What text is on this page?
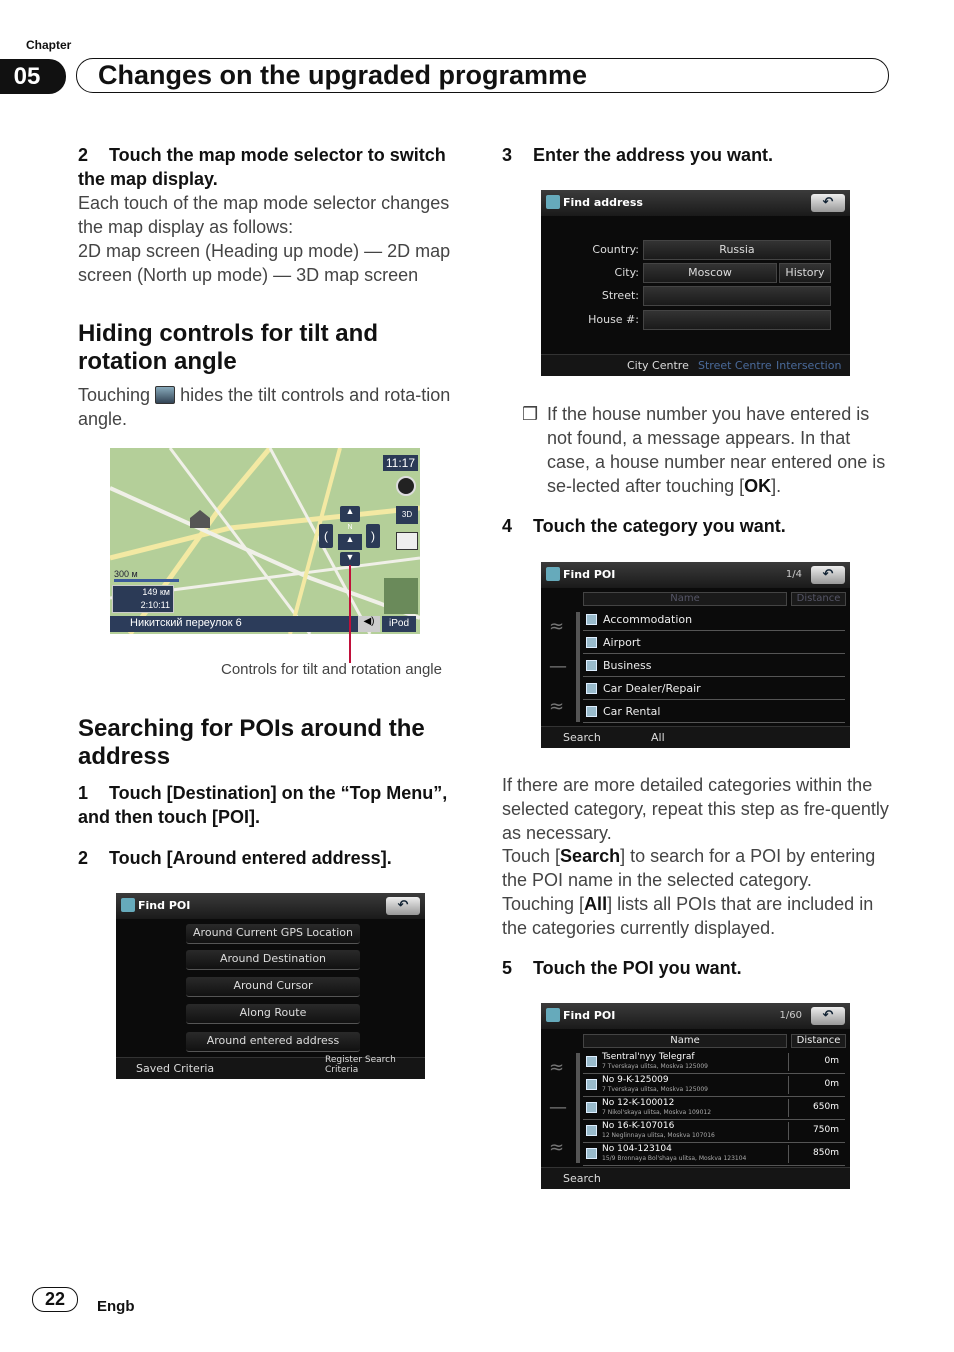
Chapter
05	Changes on the upgraded programme
2 Touch the map mode selector to switch the map display.
Each touch of the map mode selector changes the map display as follows:
2D map screen (Heading up mode) — 2D map screen (North up mode) — 3D map screen
Hiding controls for tilt and rotation angle
Touching hides the tilt controls and rota-tion angle.
11:17
3D
▲
N
(	)
▲
▼
300 м
149 км
2:10:11
Никитский переулок 6	◀)	iPod
Controls for tilt and rotation angle
Searching for POIs around the address
1 Touch [Destination] on the “Top Menu”, and then touch [POI].
2 Touch [Around entered address].
Find POI	↶
Around Current GPS Location
Around Destination
Around Cursor
Along Route
Around entered address
Saved Criteria
Register Search Criteria
3 Enter the address you want.
Find address	↶
Country:	Russia
City:	Moscow	History
Street:
House #:
City Centre Street Centre Intersection
❒ If the house number you have entered is not found, a message appears. In that case, a house number near entered one is se-lected after touching [OK].
4 Touch the category you want.
Find POI	1/4	↶
Name	Distance
≈
—
≈
Accommodation
Airport
Business
Car Dealer/Repair
Car Rental
Search	All
If there are more detailed categories within the selected category, repeat this step as fre-quently as necessary.
Touch [Search] to search for a POI by entering the POI name in the selected category.
Touching [All] lists all POIs that are included in the categories currently displayed.
5 Touch the POI you want.
Find POI	1/60	↶
Name	Distance
≈
—
≈
Tsentral'nyy Telegraf
7 Tverskaya ulitsa, Moskva 125009
0m
No 9-K-125009
7 Tverskaya ulitsa, Moskva 125009
0m
No 12-K-100012
7 Nikol'skaya ulitsa, Moskva 109012
650m
No 16-K-107016
12 Neglinnaya ulitsa, Moskva 107016
750m
No 104-123104
15/9 Bronnaya Bol'shaya ulitsa, Moskva 123104
850m
Search
22	Engb
